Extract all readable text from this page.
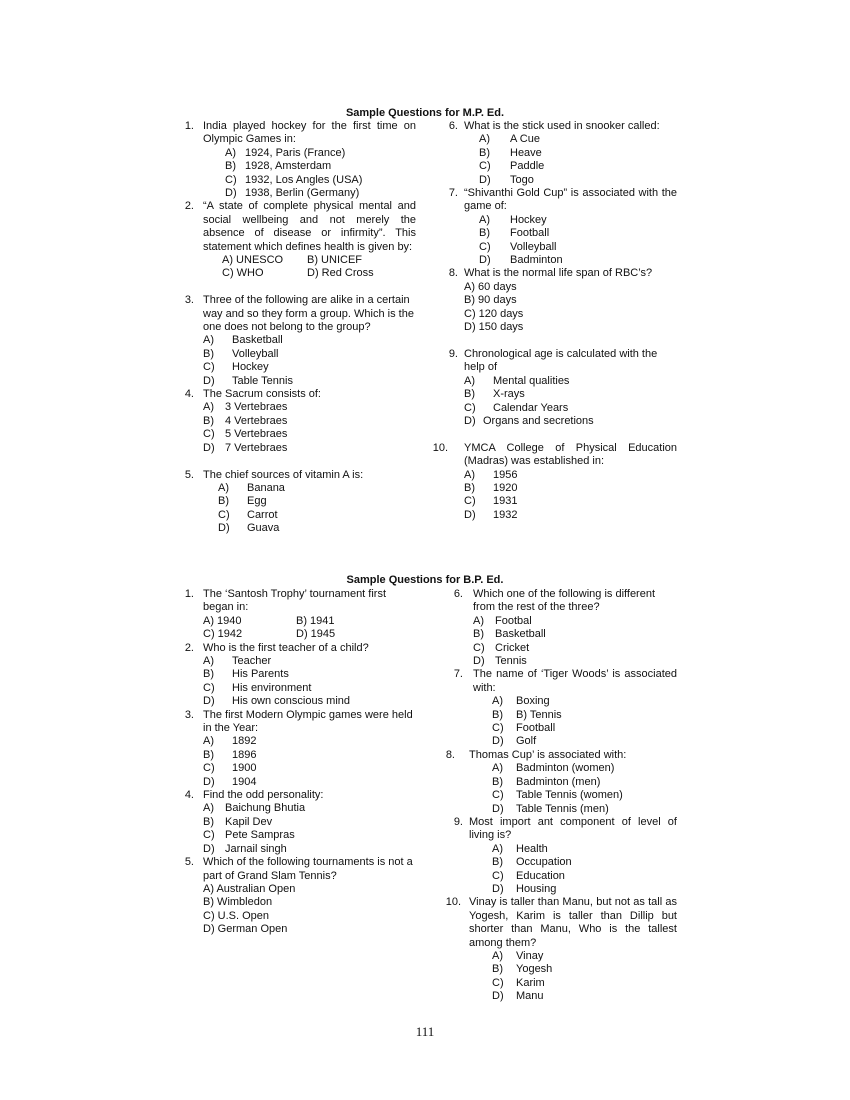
Sample Questions for M.P. Ed.
1. India played hockey for the first time on Olympic Games in:
A) 1924, Paris (France)
B) 1928, Amsterdam
C) 1932, Los Angles (USA)
D) 1938, Berlin (Germany)
2. “A state of complete physical mental and social wellbeing and not merely the absence of disease or infirmity”. This statement which defines health is given by:
A) UNESCO B) UNICEF
C) WHO	D) Red Cross
3. Three of the following are alike in a certain way and so they form a group. Which is the one does not belong to the group?
A) Basketball
B) Volleyball
C) Hockey
D) Table Tennis
4. The Sacrum consists of:
A) 3 Vertebraes
B) 4 Vertebraes
C) 5 Vertebraes
D) 7 Vertebraes
5. The chief sources of vitamin A is:
A) Banana
B) Egg
C) Carrot
D) Guava
6. What is the stick used in snooker called:
A) A Cue
B) Heave
C) Paddle
D) Togo
7. “Shivanthi Gold Cup” is associated with the game of:
A) Hockey
B) Football
C) Volleyball
D) Badminton
8. What is the normal life span of RBC’s?
A) 60 days
B) 90 days
C) 120 days
D) 150 days
9. Chronological age is calculated with the help of
A) Mental qualities
B) X-rays
C) Calendar Years
D) Organs and secretions
10. YMCA College of Physical Education (Madras) was established in:
A) 1956
B) 1920
C) 1931
D) 1932
Sample Questions for B.P. Ed.
1. The ‘Santosh Trophy’ tournament first began in:
A) 1940	B) 1941
C) 1942	D) 1945
2. Who is the first teacher of a child?
A) Teacher
B) His Parents
C) His environment
D) His own conscious mind
3. The first Modern Olympic games were held in the Year:
A) 1892
B) 1896
C) 1900
D) 1904
4. Find the odd personality:
A) Baichung Bhutia
B) Kapil Dev
C) Pete Sampras
D) Jarnail singh
5. Which of the following tournaments is not a part of Grand Slam Tennis?
A) Australian Open
B) Wimbledon
C) U.S. Open
D) German Open
6. Which one of the following is different from the rest of the three?
A) Footbal
B) Basketball
C) Cricket
D) Tennis
7. The name of ‘Tiger Woods’ is associated with:
A) Boxing
B) B) Tennis
C) Football
D) Golf
8. Thomas Cup’ is associated with:
A) Badminton (women)
B) Badminton (men)
C) Table Tennis (women)
D) Table Tennis (men)
9. Most import ant component of level of living is?
A) Health
B) Occupation
C) Education
D) Housing
10. Vinay is taller than Manu, but not as tall as Yogesh, Karim is taller than Dillip but shorter than Manu, Who is the tallest among them?
A) Vinay
B) Yogesh
C) Karim
D) Manu
111
